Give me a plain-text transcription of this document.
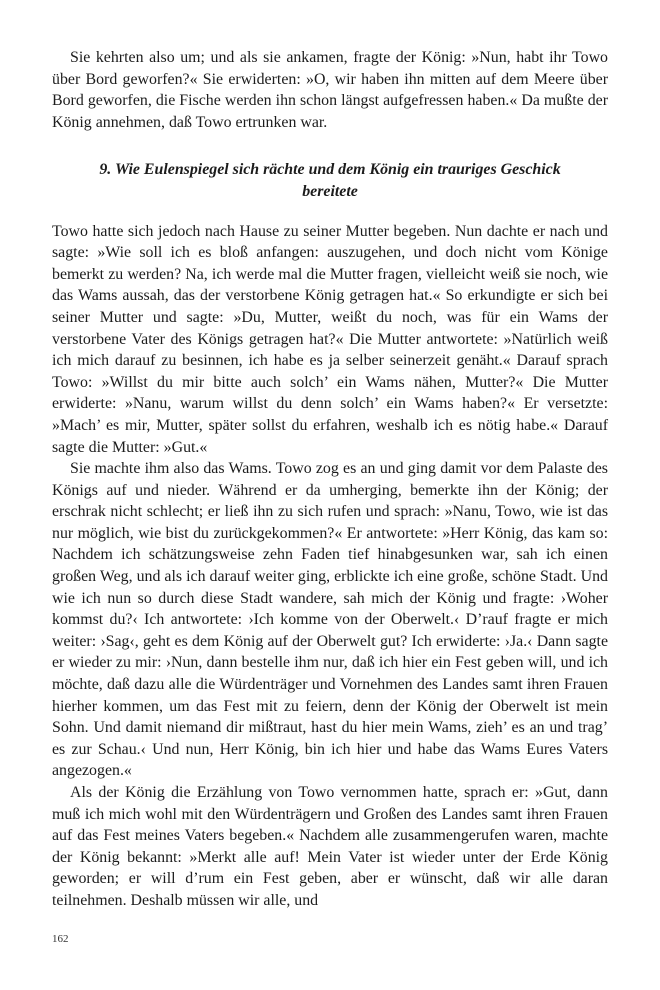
Sie kehrten also um; und als sie ankamen, fragte der König: »Nun, habt ihr Towo über Bord geworfen?« Sie erwiderten: »O, wir haben ihn mitten auf dem Meere über Bord geworfen, die Fische werden ihn schon längst aufgefressen haben.« Da mußte der König annehmen, daß Towo ertrunken war.

9. Wie Eulenspiegel sich rächte und dem König ein trauriges Geschick bereitete

Towo hatte sich jedoch nach Hause zu seiner Mutter begeben. Nun dachte er nach und sagte: »Wie soll ich es bloß anfangen: auszugehen, und doch nicht vom Könige bemerkt zu werden? Na, ich werde mal die Mutter fragen, vielleicht weiß sie noch, wie das Wams aussah, das der verstorbene König getragen hat.« So erkundigte er sich bei seiner Mutter und sagte: »Du, Mutter, weißt du noch, was für ein Wams der verstorbene Vater des Königs getragen hat?« Die Mutter antwortete: »Natürlich weiß ich mich darauf zu besinnen, ich habe es ja selber seinerzeit genäht.« Darauf sprach Towo: »Willst du mir bitte auch solch’ ein Wams nähen, Mutter?« Die Mutter erwiderte: »Nanu, warum willst du denn solch’ ein Wams haben?« Er versetzte: »Mach’ es mir, Mutter, später sollst du erfahren, weshalb ich es nötig habe.« Darauf sagte die Mutter: »Gut.«

Sie machte ihm also das Wams. Towo zog es an und ging damit vor dem Palaste des Königs auf und nieder. Während er da umherging, bemerkte ihn der König; der erschrak nicht schlecht; er ließ ihn zu sich rufen und sprach: »Nanu, Towo, wie ist das nur möglich, wie bist du zurückgekommen?« Er antwortete: »Herr König, das kam so: Nachdem ich schätzungsweise zehn Faden tief hinabgesunken war, sah ich einen großen Weg, und als ich darauf weiter ging, erblickte ich eine große, schöne Stadt. Und wie ich nun so durch diese Stadt wandere, sah mich der König und fragte: ›Woher kommst du?‹ Ich antwortete: ›Ich komme von der Oberwelt.‹ D’rauf fragte er mich weiter: ›Sag‹, geht es dem König auf der Oberwelt gut? Ich erwiderte: ›Ja.‹ Dann sagte er wieder zu mir: ›Nun, dann bestelle ihm nur, daß ich hier ein Fest geben will, und ich möchte, daß dazu alle die Würdenträger und Vornehmen des Landes samt ihren Frauen hierher kommen, um das Fest mit zu feiern, denn der König der Oberwelt ist mein Sohn. Und damit niemand dir mißtraut, hast du hier mein Wams, zieh’ es an und trag’ es zur Schau.‹ Und nun, Herr König, bin ich hier und habe das Wams Eures Vaters angezogen.«

Als der König die Erzählung von Towo vernommen hatte, sprach er: »Gut, dann muß ich mich wohl mit den Würdenträgern und Großen des Landes samt ihren Frauen auf das Fest meines Vaters begeben.« Nachdem alle zusammengerufen waren, machte der König bekannt: »Merkt alle auf! Mein Vater ist wieder unter der Erde König geworden; er will d’rum ein Fest geben, aber er wünscht, daß wir alle daran teilnehmen. Deshalb müssen wir alle, und

162
